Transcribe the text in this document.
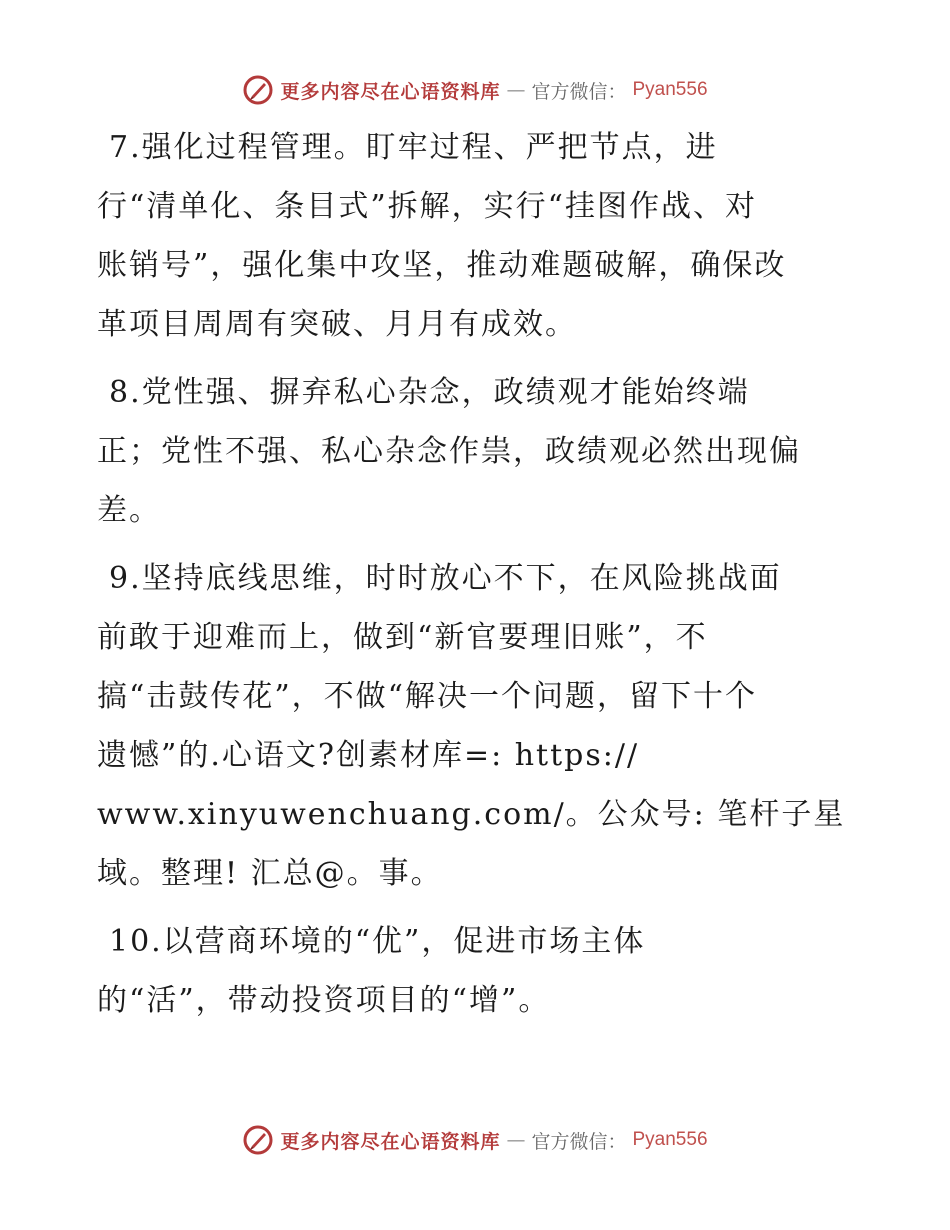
更多内容尽在心语资料库 — 官方微信： Pyan556
7.强化过程管理。盯牢过程、严把节点，进
行“清单化、条目式”拆解，实行“挂图作战、对
账销号”，强化集中攻坚，推动难题破解，确保改
革项目周周有突破、月月有成效。
8.党性强、摒弃私心杂念，政绩观才能始终端
正；党性不强、私心杂念作祟，政绩观必然出现偏
差。
9.坚持底线思维，时时放心不下，在风险挑战面
前敢于迎难而上，做到“新官要理旧账”，不
搞“击鼓传花”，不做“解决一个问题，留下十个
遗憾”的.心语文?创素材库=: https://
www.xinyuwenchuang.com/。公众号: 笔杆子星
域。整理! 汇总@。事。
10.以营商环境的“优”，促进市场主体
的“活”，带动投资项目的“增”。
更多内容尽在心语资料库 — 官方微信： Pyan556
